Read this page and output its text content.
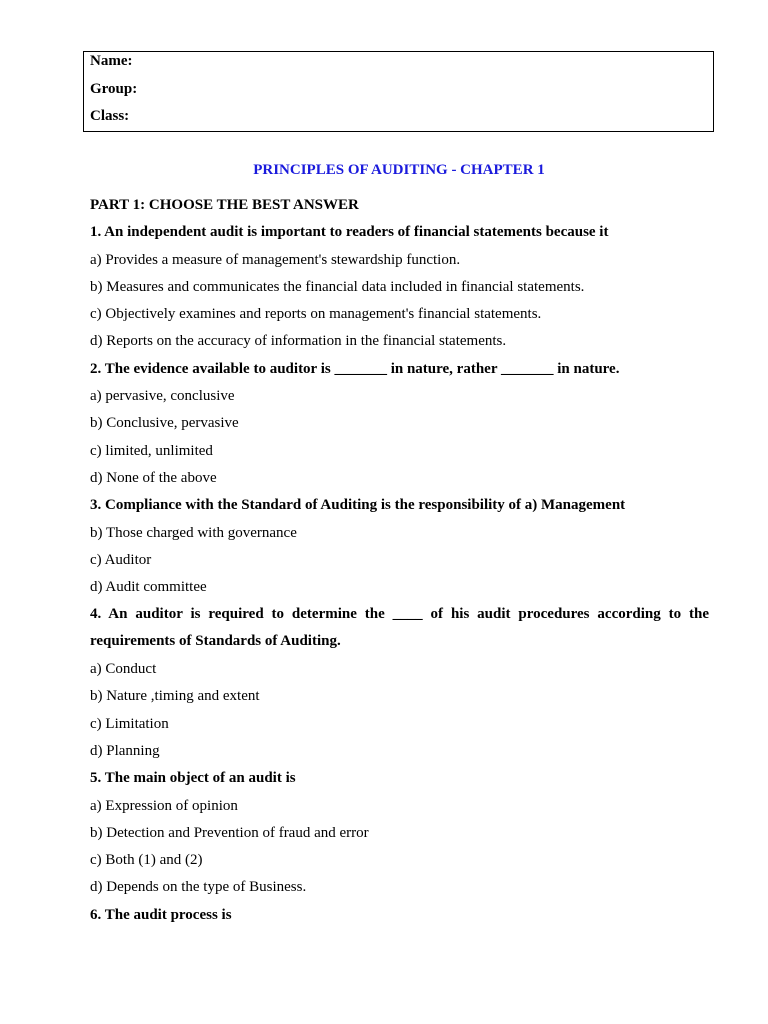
Name:
Group:
Class:
PRINCIPLES OF AUDITING - CHAPTER 1
PART 1: CHOOSE THE BEST ANSWER
1. An independent audit is important to readers of financial statements because it
a) Provides a measure of management's stewardship function.
b) Measures and communicates the financial data included in financial statements.
c) Objectively examines and reports on management's financial statements.
d) Reports on the accuracy of information in the financial statements.
2. The evidence available to auditor is _______ in nature, rather _______ in nature.
a) pervasive, conclusive
b) Conclusive, pervasive
c) limited, unlimited
d) None of the above
3. Compliance with the Standard of Auditing is the responsibility of a) Management
b) Those charged with governance
c) Auditor
d) Audit committee
4. An auditor is required to determine the ____ of his audit procedures according to the requirements of Standards of Auditing.
a) Conduct
b) Nature ,timing and extent
c) Limitation
d) Planning
5. The main object of an audit is
a) Expression of opinion
b) Detection and Prevention of fraud and error
c) Both (1) and (2)
d) Depends on the type of Business.
6. The audit process is
